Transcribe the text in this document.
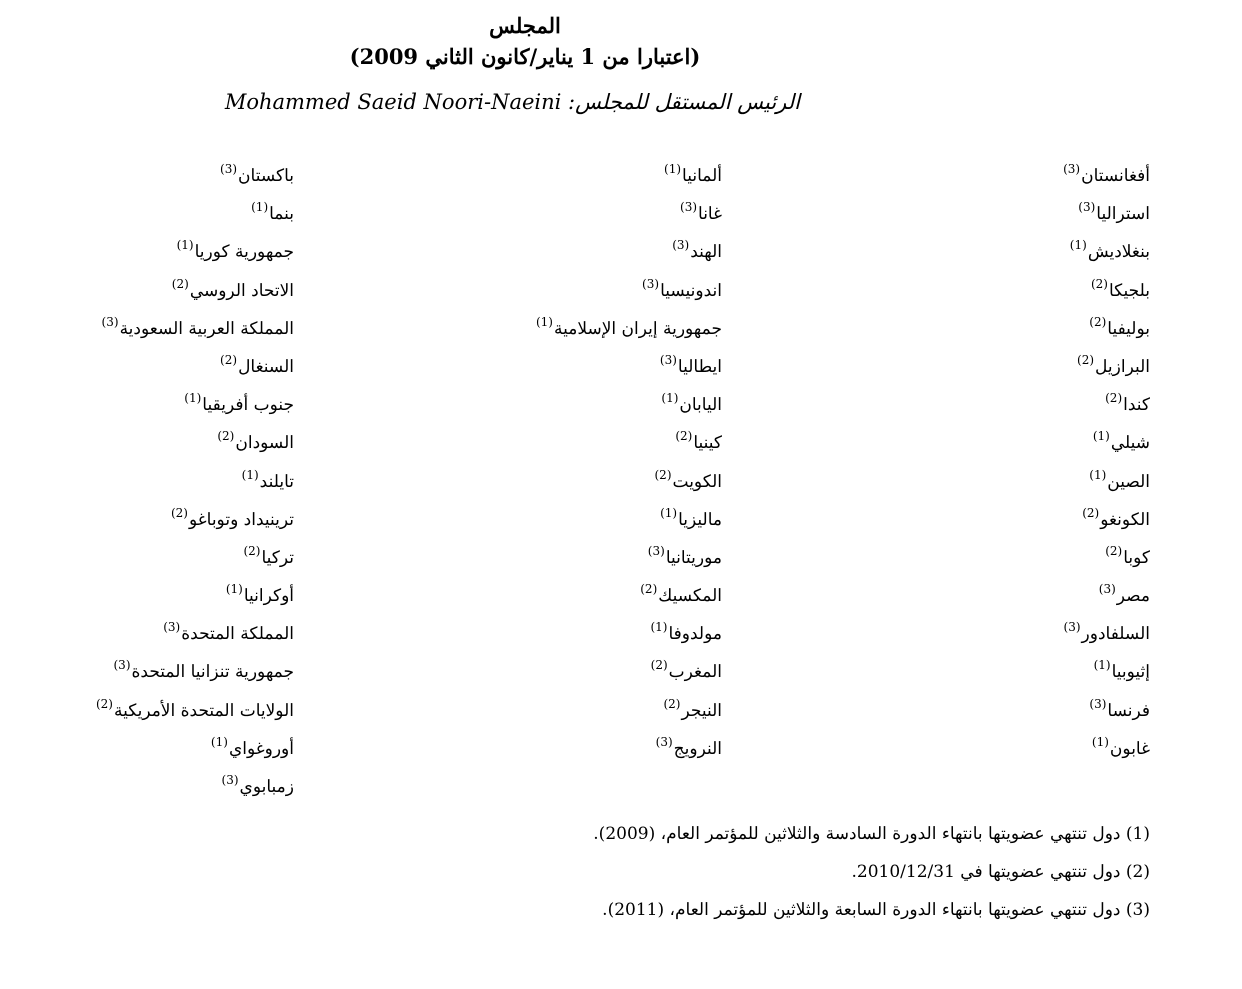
المجلس
(اعتبارا من 1 يناير/كانون الثاني 2009)
الرئيس المستقل للمجلس: Mohammed Saeid Noori-Naeini
أفغانستان$^{(3)}$
استراليا$^{(3)}$
بنغلاديش$^{(1)}$
بلجيكا$^{(2)}$
بوليفيا$^{(2)}$
البرازيل$^{(2)}$
كندا$^{(2)}$
شيلي$^{(1)}$
الصين$^{(1)}$
الكونغو$^{(2)}$
كوبا$^{(2)}$
مصر$^{(3)}$
السلفادور$^{(3)}$
إثيوبيا$^{(1)}$
فرنسا$^{(3)}$
غابون$^{(1)}$
ألمانيا$^{(1)}$
غانا$^{(3)}$
الهند$^{(3)}$
اندونيسيا$^{(3)}$
جمهورية إيران الإسلامية$^{(1)}$
ايطاليا$^{(3)}$
اليابان$^{(1)}$
كينيا$^{(2)}$
الكويت$^{(2)}$
ماليزيا$^{(1)}$
موريتانيا$^{(3)}$
المكسيك$^{(2)}$
مولدوفا$^{(1)}$
المغرب$^{(2)}$
النيجر$^{(2)}$
النرويج$^{(3)}$
باكستان$^{(3)}$
بنما$^{(1)}$
جمهورية كوريا$^{(1)}$
الاتحاد الروسي$^{(2)}$
المملكة العربية السعودية$^{(3)}$
السنغال$^{(2)}$
جنوب أفريقيا$^{(1)}$
السودان$^{(2)}$
تايلند$^{(1)}$
ترينيداد وتوباغو$^{(2)}$
تركيا$^{(2)}$
أوكرانيا$^{(1)}$
المملكة المتحدة$^{(3)}$
جمهورية تنزانيا المتحدة$^{(3)}$
الولايات المتحدة الأمريكية$^{(2)}$
أوروغواي$^{(1)}$
زمبابوي$^{(3)}$
(1) دول تنتهي عضويتها بانتهاء الدورة السادسة والثلاثين للمؤتمر العام، (2009).
(2) دول تنتهي عضويتها في 2010/12/31.
(3) دول تنتهي عضويتها بانتهاء الدورة السابعة والثلاثين للمؤتمر العام، (2011).
